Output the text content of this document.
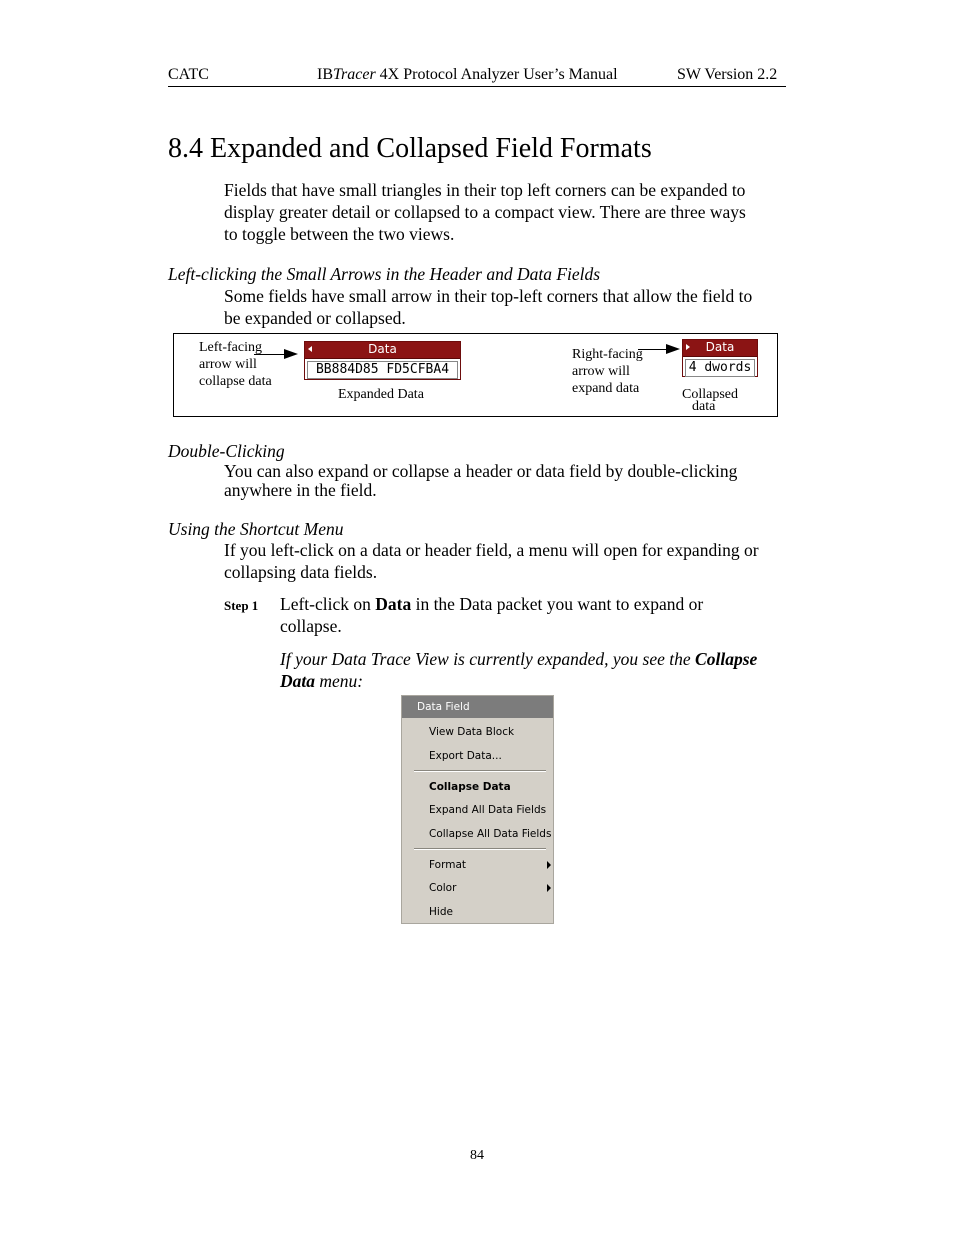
CATC	IBTracer 4X Protocol Analyzer User’s Manual	SW Version 2.2
8.4 Expanded and Collapsed Field Formats
Fields that have small triangles in their top left corners can be expanded to
display greater detail or collapsed to a compact view. There are three ways
to toggle between the two views.
Left-clicking the Small Arrows in the Header and Data Fields
Some fields have small arrow in their top-left corners that allow the field to
be expanded or collapsed.
Left-facing
arrow will
collapse data
Data
BB884D85 FD5CFBA4
Expanded Data
Right-facing
arrow will
expand data
Data
4 dwords
Collapsed
data
Double-Clicking
You can also expand or collapse a header or data field by double-clicking
anywhere in the field.
Using the Shortcut Menu
If you left-click on a data or header field, a menu will open for expanding or
collapsing data fields.
Step 1 Left-click on Data in the Data packet you want to expand or
collapse.
If your Data Trace View is currently expanded, you see the Collapse
Data menu:
Data Field
View Data Block
Export Data...
Collapse Data
Expand All Data Fields
Collapse All Data Fields
Format
Color
Hide
84
